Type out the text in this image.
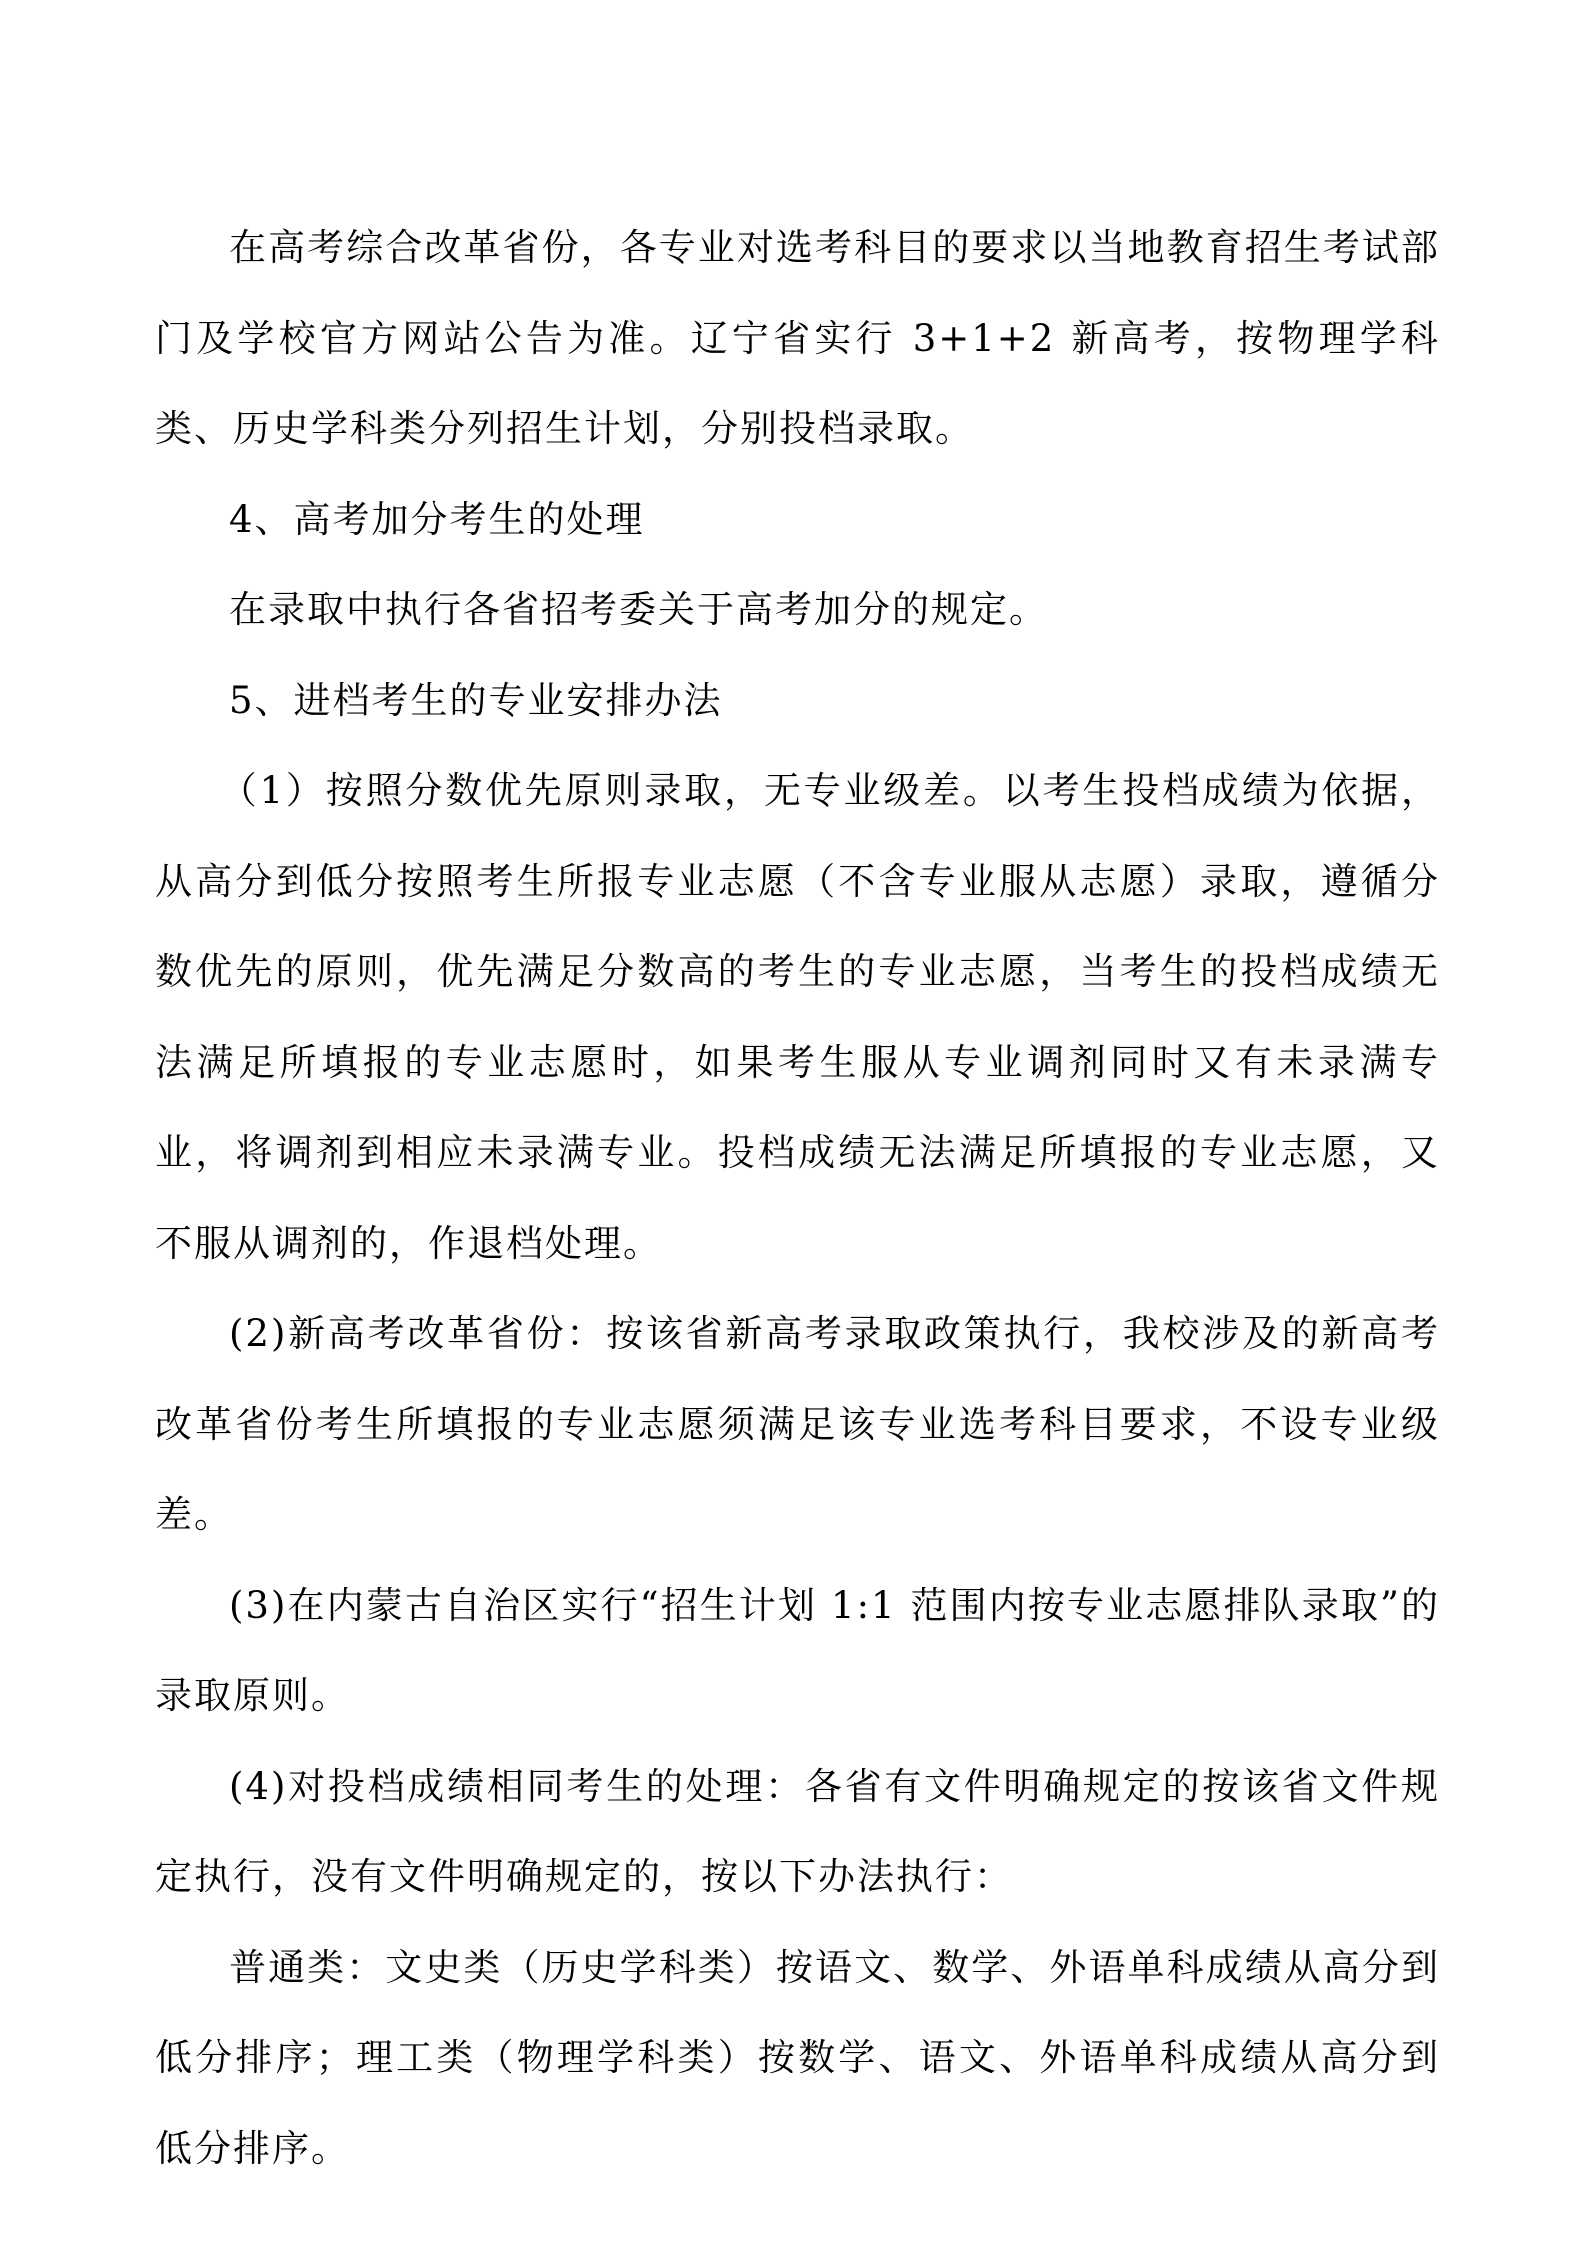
在高考综合改革省份，各专业对选考科目的要求以当地教育招生考试部门及学校官方网站公告为准。辽宁省实行 3+1+2 新高考，按物理学科类、历史学科类分列招生计划，分别投档录取。

4、高考加分考生的处理

在录取中执行各省招考委关于高考加分的规定。

5、进档考生的专业安排办法

（1）按照分数优先原则录取，无专业级差。以考生投档成绩为依据，从高分到低分按照考生所报专业志愿（不含专业服从志愿）录取，遵循分数优先的原则，优先满足分数高的考生的专业志愿，当考生的投档成绩无法满足所填报的专业志愿时，如果考生服从专业调剂同时又有未录满专业，将调剂到相应未录满专业。投档成绩无法满足所填报的专业志愿，又不服从调剂的，作退档处理。

(2)新高考改革省份：按该省新高考录取政策执行，我校涉及的新高考改革省份考生所填报的专业志愿须满足该专业选考科目要求，不设专业级差。

(3)在内蒙古自治区实行“招生计划 1:1 范围内按专业志愿排队录取”的录取原则。

(4)对投档成绩相同考生的处理：各省有文件明确规定的按该省文件规定执行，没有文件明确规定的，按以下办法执行：

普通类：文史类（历史学科类）按语文、数学、外语单科成绩从高分到低分排序；理工类（物理学科类）按数学、语文、外语单科成绩从高分到低分排序。
